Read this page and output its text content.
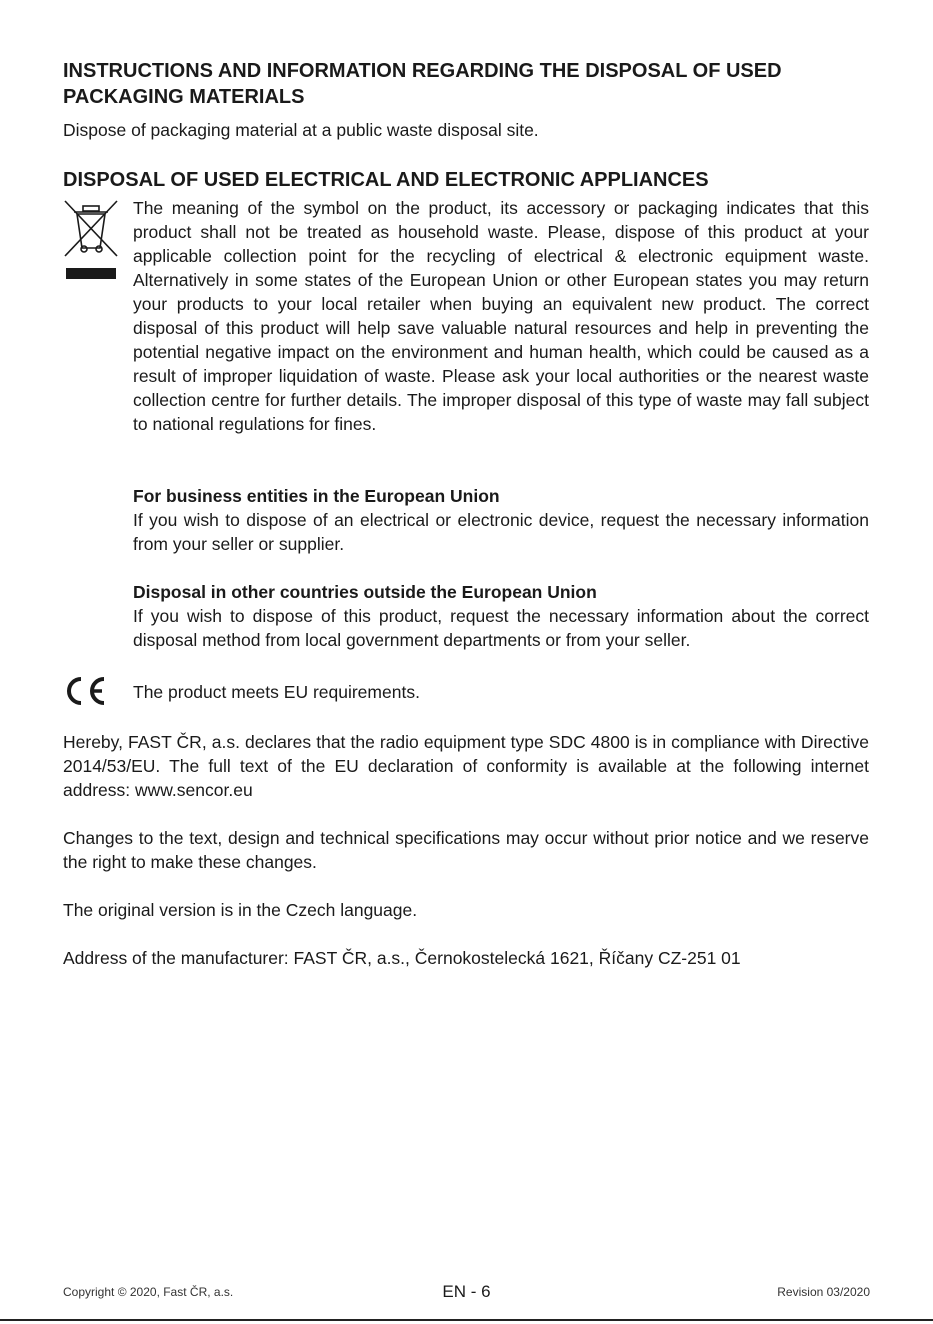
INSTRUCTIONS AND INFORMATION REGARDING THE DISPOSAL OF USED PACKAGING MATERIALS

Dispose of packaging material at a public waste disposal site.

DISPOSAL OF USED ELECTRICAL AND ELECTRONIC APPLIANCES

The meaning of the symbol on the product, its accessory or packaging indicates that this product shall not be treated as household waste. Please, dispose of this product at your applicable collection point for the recycling of electrical & electronic equipment waste. Alternatively in some states of the European Union or other European states you may return your products to your local retailer when buying an equivalent new product. The correct disposal of this product will help save valuable natural resources and help in preventing the potential negative impact on the environment and human health, which could be caused as a result of improper liquidation of waste. Please ask your local authorities or the nearest waste collection centre for further details. The improper disposal of this type of waste may fall subject to national regulations for fines.

For business entities in the European Union

If you wish to dispose of an electrical or electronic device, request the necessary information from your seller or supplier.

Disposal in other countries outside the European Union

If you wish to dispose of this product, request the necessary information about the correct disposal method from local government departments or from your seller.

The product meets EU requirements.

Hereby, FAST ČR, a.s. declares that the radio equipment type SDC 4800 is in compliance with Directive 2014/53/EU. The full text of the EU declaration of conformity is available at the following internet address: www.sencor.eu

Changes to the text, design and technical specifications may occur without prior notice and we reserve the right to make these changes.

The original version is in the Czech language.

Address of the manufacturer: FAST ČR, a.s., Černokostelecká 1621, Říčany CZ-251 01

Copyright © 2020, Fast ČR, a.s.	EN - 6	Revision 03/2020
